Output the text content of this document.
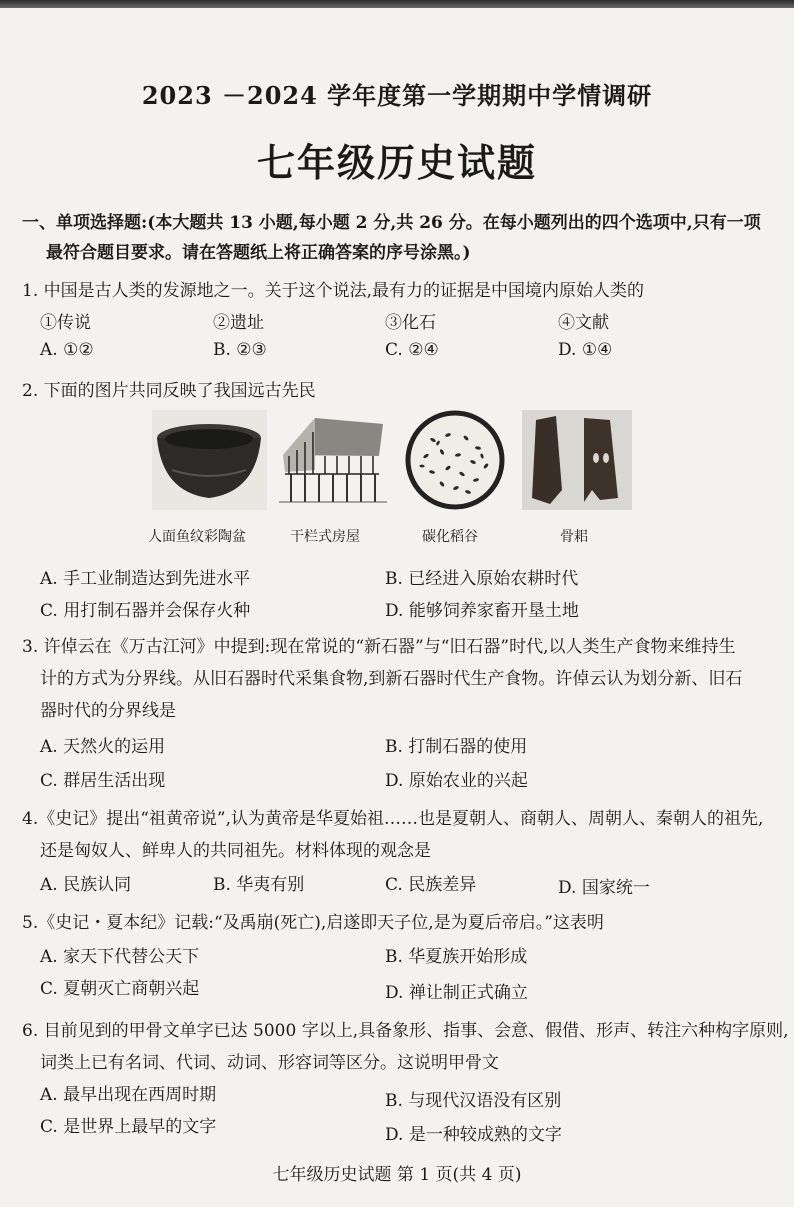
2023 －2024 学年度第一学期期中学情调研
七年级历史试题
一、单项选择题:(本大题共 13 小题,每小题 2 分,共 26 分。在每小题列出的四个选项中,只有一项
最符合题目要求。请在答题纸上将正确答案的序号涂黑。)
1. 中国是古人类的发源地之一。关于这个说法,最有力的证据是中国境内原始人类的
①传说	②遗址	③化石	④文献
A. ①②	B. ②③	C. ②④	D. ①④
2. 下面的图片共同反映了我国远古先民
人面鱼纹彩陶盆	干栏式房屋	碳化稻谷	骨耜
A. 手工业制造达到先进水平	B. 已经进入原始农耕时代
C. 用打制石器并会保存火种	D. 能够饲养家畜开垦土地
3. 许倬云在《万古江河》中提到:现在常说的“新石器”与“旧石器”时代,以人类生产食物来维持生
计的方式为分界线。从旧石器时代采集食物,到新石器时代生产食物。许倬云认为划分新、旧石
器时代的分界线是
A. 天然火的运用	B. 打制石器的使用
C. 群居生活出现	D. 原始农业的兴起
4.《史记》提出“祖黄帝说”,认为黄帝是华夏始祖……也是夏朝人、商朝人、周朝人、秦朝人的祖先,
还是匈奴人、鲜卑人的共同祖先。材料体现的观念是
A. 民族认同	B. 华夷有别	C. 民族差异	D. 国家统一
5.《史记・夏本纪》记载:“及禹崩(死亡),启遂即天子位,是为夏后帝启。”这表明
A. 家天下代替公天下	B. 华夏族开始形成
C. 夏朝灭亡商朝兴起	D. 禅让制正式确立
6. 目前见到的甲骨文单字已达 5000 字以上,具备象形、指事、会意、假借、形声、转注六种构字原则,
词类上已有名词、代词、动词、形容词等区分。这说明甲骨文
A. 最早出现在西周时期	B. 与现代汉语没有区别
C. 是世界上最早的文字	D. 是一种较成熟的文字
七年级历史试题 第 1 页(共 4 页)
